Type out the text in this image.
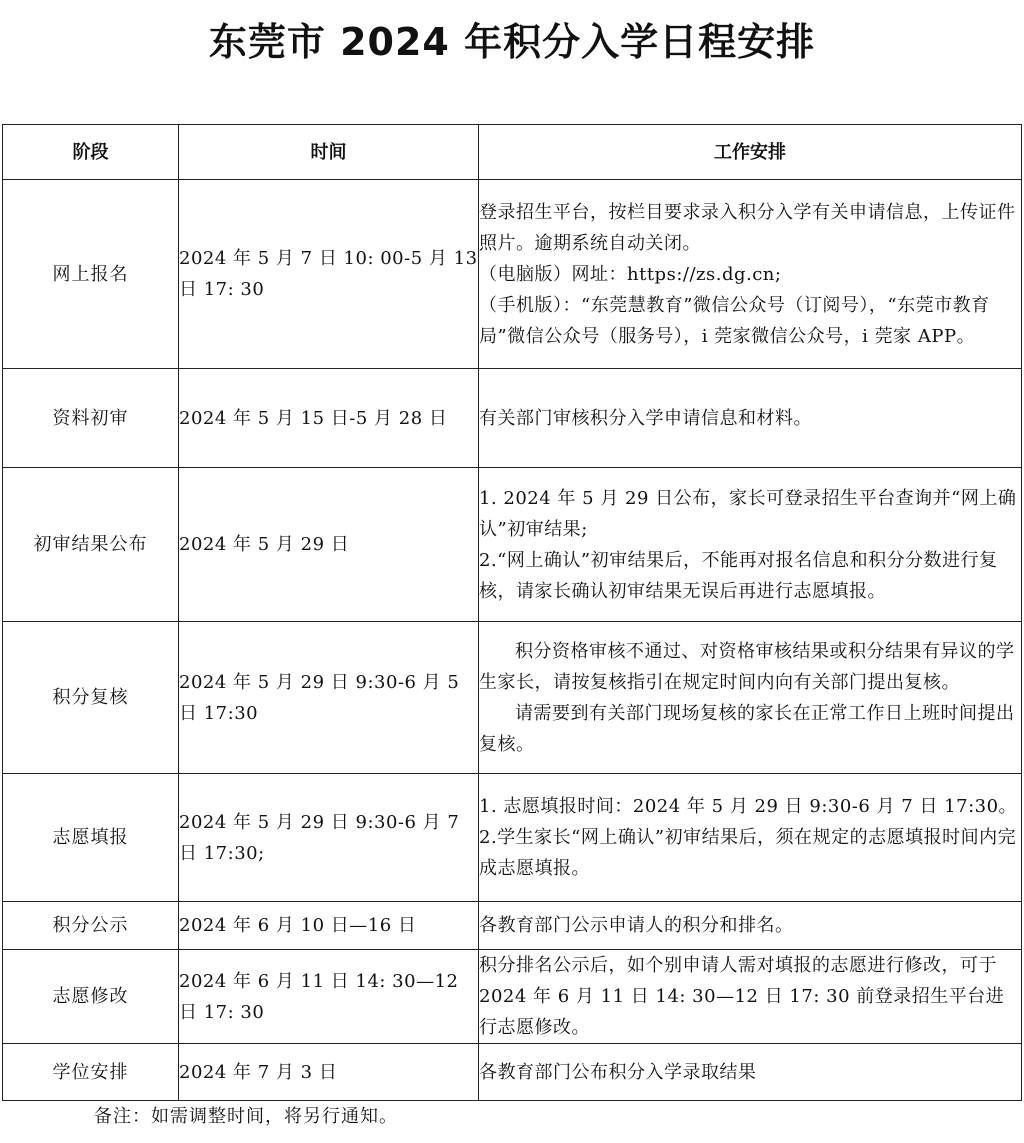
东莞市 2024 年积分入学日程安排
阶段	时间	工作安排
网上报名	2024 年 5 月 7 日 10: 00-5 月 13 日 17: 30	登录招生平台，按栏目要求录入积分入学有关申请信息，上传证件照片。逾期系统自动关闭。
（电脑版）网址：https://zs.dg.cn;
（手机版）：“东莞慧教育”微信公众号（订阅号），“东莞市教育局”微信公众号（服务号），i 莞家微信公众号，i 莞家 APP。

资料初审	2024 年 5 月 15 日-5 月 28 日	有关部门审核积分入学申请信息和材料。

初审结果公布	2024 年 5 月 29 日	1. 2024 年 5 月 29 日公布，家长可登录招生平台查询并“网上确认”初审结果;
2.“网上确认”初审结果后，不能再对报名信息和积分分数进行复核，请家长确认初审结果无误后再进行志愿填报。

积分复核	2024 年 5 月 29 日 9:30-6 月 5 日 17:30	积分资格审核不通过、对资格审核结果或积分结果有异议的学生家长，请按复核指引在规定时间内向有关部门提出复核。
请需要到有关部门现场复核的家长在正常工作日上班时间提出复核。

志愿填报	2024 年 5 月 29 日 9:30-6 月 7 日 17:30;	1. 志愿填报时间：2024 年 5 月 29 日 9:30-6 月 7 日 17:30。
2.学生家长“网上确认”初审结果后，须在规定的志愿填报时间内完成志愿填报。

积分公示	2024 年 6 月 10 日—16 日	各教育部门公示申请人的积分和排名。

志愿修改	2024 年 6 月 11 日 14: 30—12 日 17: 30	积分排名公示后，如个别申请人需对填报的志愿进行修改，可于 2024 年 6 月 11 日 14: 30—12 日 17: 30 前登录招生平台进行志愿修改。

学位安排	2024 年 7 月 3 日	各教育部门公布积分入学录取结果

备注：如需调整时间，将另行通知。
